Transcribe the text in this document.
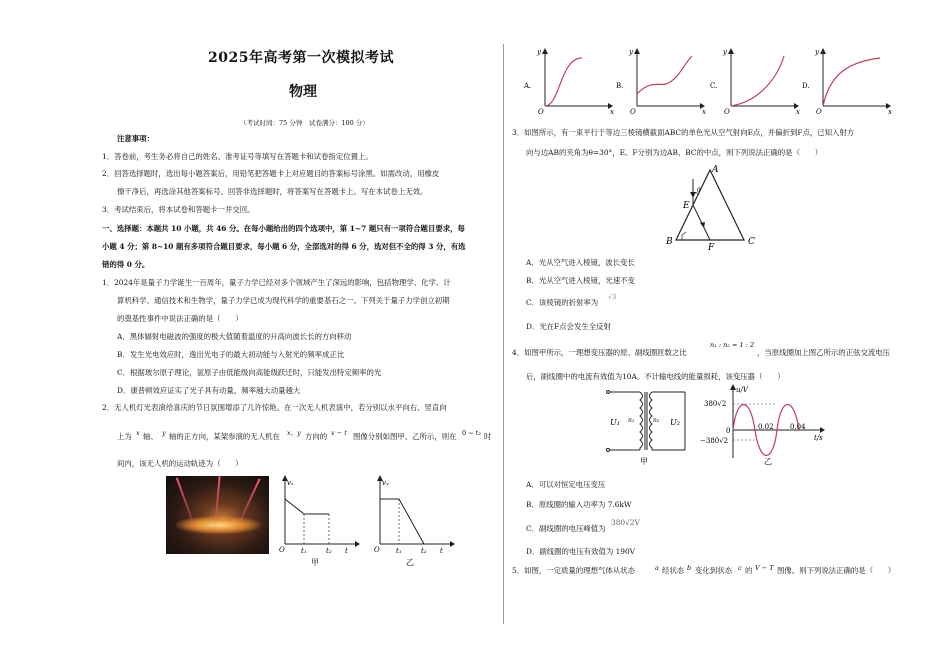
2025年高考第一次模拟考试
物理
（考试时间：75 分钟　试卷满分：100 分）
注意事项：
1．答卷前，考生务必将自己的姓名、准考证号等填写在答题卡和试卷指定位置上。
2．回答选择题时，选出每小题答案后，用铅笔把答题卡上对应题目的答案标号涂黑。如需改动，用橡皮
擦干净后，再选涂其他答案标号。回答非选择题时，将答案写在答题卡上。写在本试卷上无效。
3．考试结束后，将本试卷和答题卡一并交回。
一、选择题：本题共 10 小题，共 46 分。在每小题给出的四个选项中，第 1~7 题只有一项符合题目要求，每
小题 4 分；第 8~10 题有多项符合题目要求，每小题 6 分，全部选对的得 6 分，选对但不全的得 3 分，有选
错的得 0 分。
1．2024年是量子力学诞生一百周年，量子力学已经对多个领域产生了深远的影响，包括物理学、化学、计
算机科学、通信技术和生物学，量子力学已成为现代科学的重要基石之一。下列关于量子力学创立初期
的奠基性事件中说法正确的是（　　）
A．黑体辐射电磁波的强度的极大值随着温度的升高向波长长的方向移动
B．发生光电效应时，逸出光电子的最大初动能与入射光的频率成正比
C．根据玻尔原子理论，氢原子由低能级向高能级跃迁时，只能发出特定频率的光
D．康普顿效应证实了光子具有动量，频率越大动量越大
2．无人机灯光表演给喜庆的节日氛围增添了几许惊艳。在一次无人机表演中，若分别以水平向右、竖直向
上为 x 轴、 y 轴的正方向，某架参演的无人机在 x、y 方向的 v − t 图像分别如图甲、乙所示，则在 0 ~ t₂ 时
间内，该无人机的运动轨迹为（　　）
vₓ
O t₁	t₂ t
甲
vᵧ
O t₁	t₂ t
乙
A.
y
x
O
B.
y
x
O
C.
y
x
O
D.
y
x
O
3．如图所示，有一束平行于等边三棱镜横截面ABC的单色光从空气射向E点，并偏折到F点，已知入射方
向与边AB的夹角为θ=30°，E、F分别为边AB、BC的中点，则下列说法正确的是（　　）
A
B	C
E
F
θ
A．光从空气进入棱镜，波长变长
B．光从空气进入棱镜，光速不变
C．该棱镜的折射率为
√3
D．光在F点会发生全反射
4．如图甲所示，一理想变压器的原、副线圈匝数之比
n₁ : n₂ = 1 : 2
，当原线圈加上图乙所示的正弦交流电压
后，副线圈中的电流有效值为10A。不计输电线的能量损耗，该变压器（　　）
U₁ n₁	n₂ U₂
甲
u/V
380√2
−380√2
0	0.02 0.04
t/s
乙
A．可以对恒定电压变压
B．原线圈的输入功率为 7.6kW
C．副线圈的电压峰值为
380√2V
D．副线圈的电压有效值为 190V
5．如图，一定质量的理想气体从状态	a 经状态 b 变化到状态 c 的 V − T 图像。则下列说法正确的是（　　）
